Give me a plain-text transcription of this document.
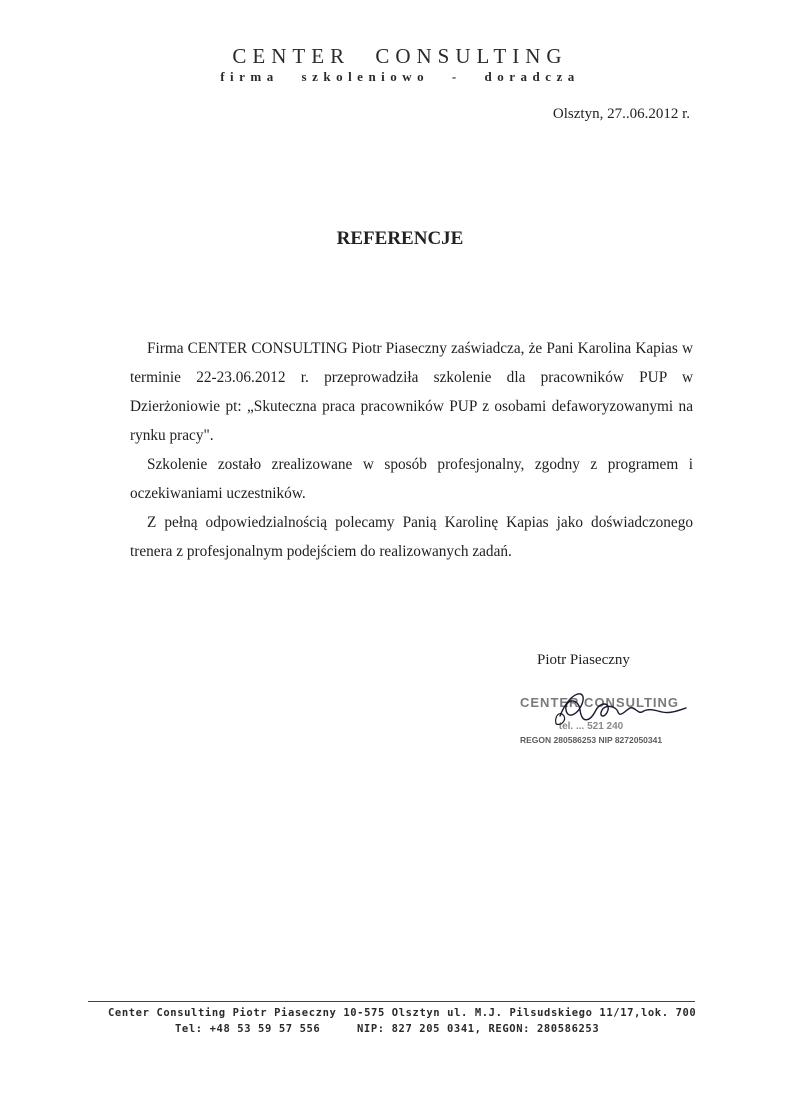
CENTER CONSULTING
firma szkoleniowo - doradcza
Olsztyn, 27..06.2012 r.
REFERENCJE

Firma CENTER CONSULTING Piotr Piaseczny zaświadcza, że Pani Karolina Kapias w terminie 22-23.06.2012 r. przeprowadziła szkolenie dla pracowników PUP w Dzierżoniowie pt: „Skuteczna praca pracowników PUP z osobami defaworyzowanymi na rynku pracy".

Szkolenie zostało zrealizowane w sposób profesjonalny, zgodny z programem i oczekiwaniami uczestników.

Z pełną odpowiedzialnością polecamy Panią Karolinę Kapias jako doświadczonego trenera z profesjonalnym podejściem do realizowanych zadań.

Piotr Piaseczny
CENTER CONSULTING
tel. ... 521 240
REGON 280586253 NIP 8272050341
Center Consulting Piotr Piaseczny 10-575 Olsztyn ul. M.J. Pilsudskiego 11/17,lok. 700
Tel: +48 53 59 57 556	NIP: 827 205 0341, REGON: 280586253
